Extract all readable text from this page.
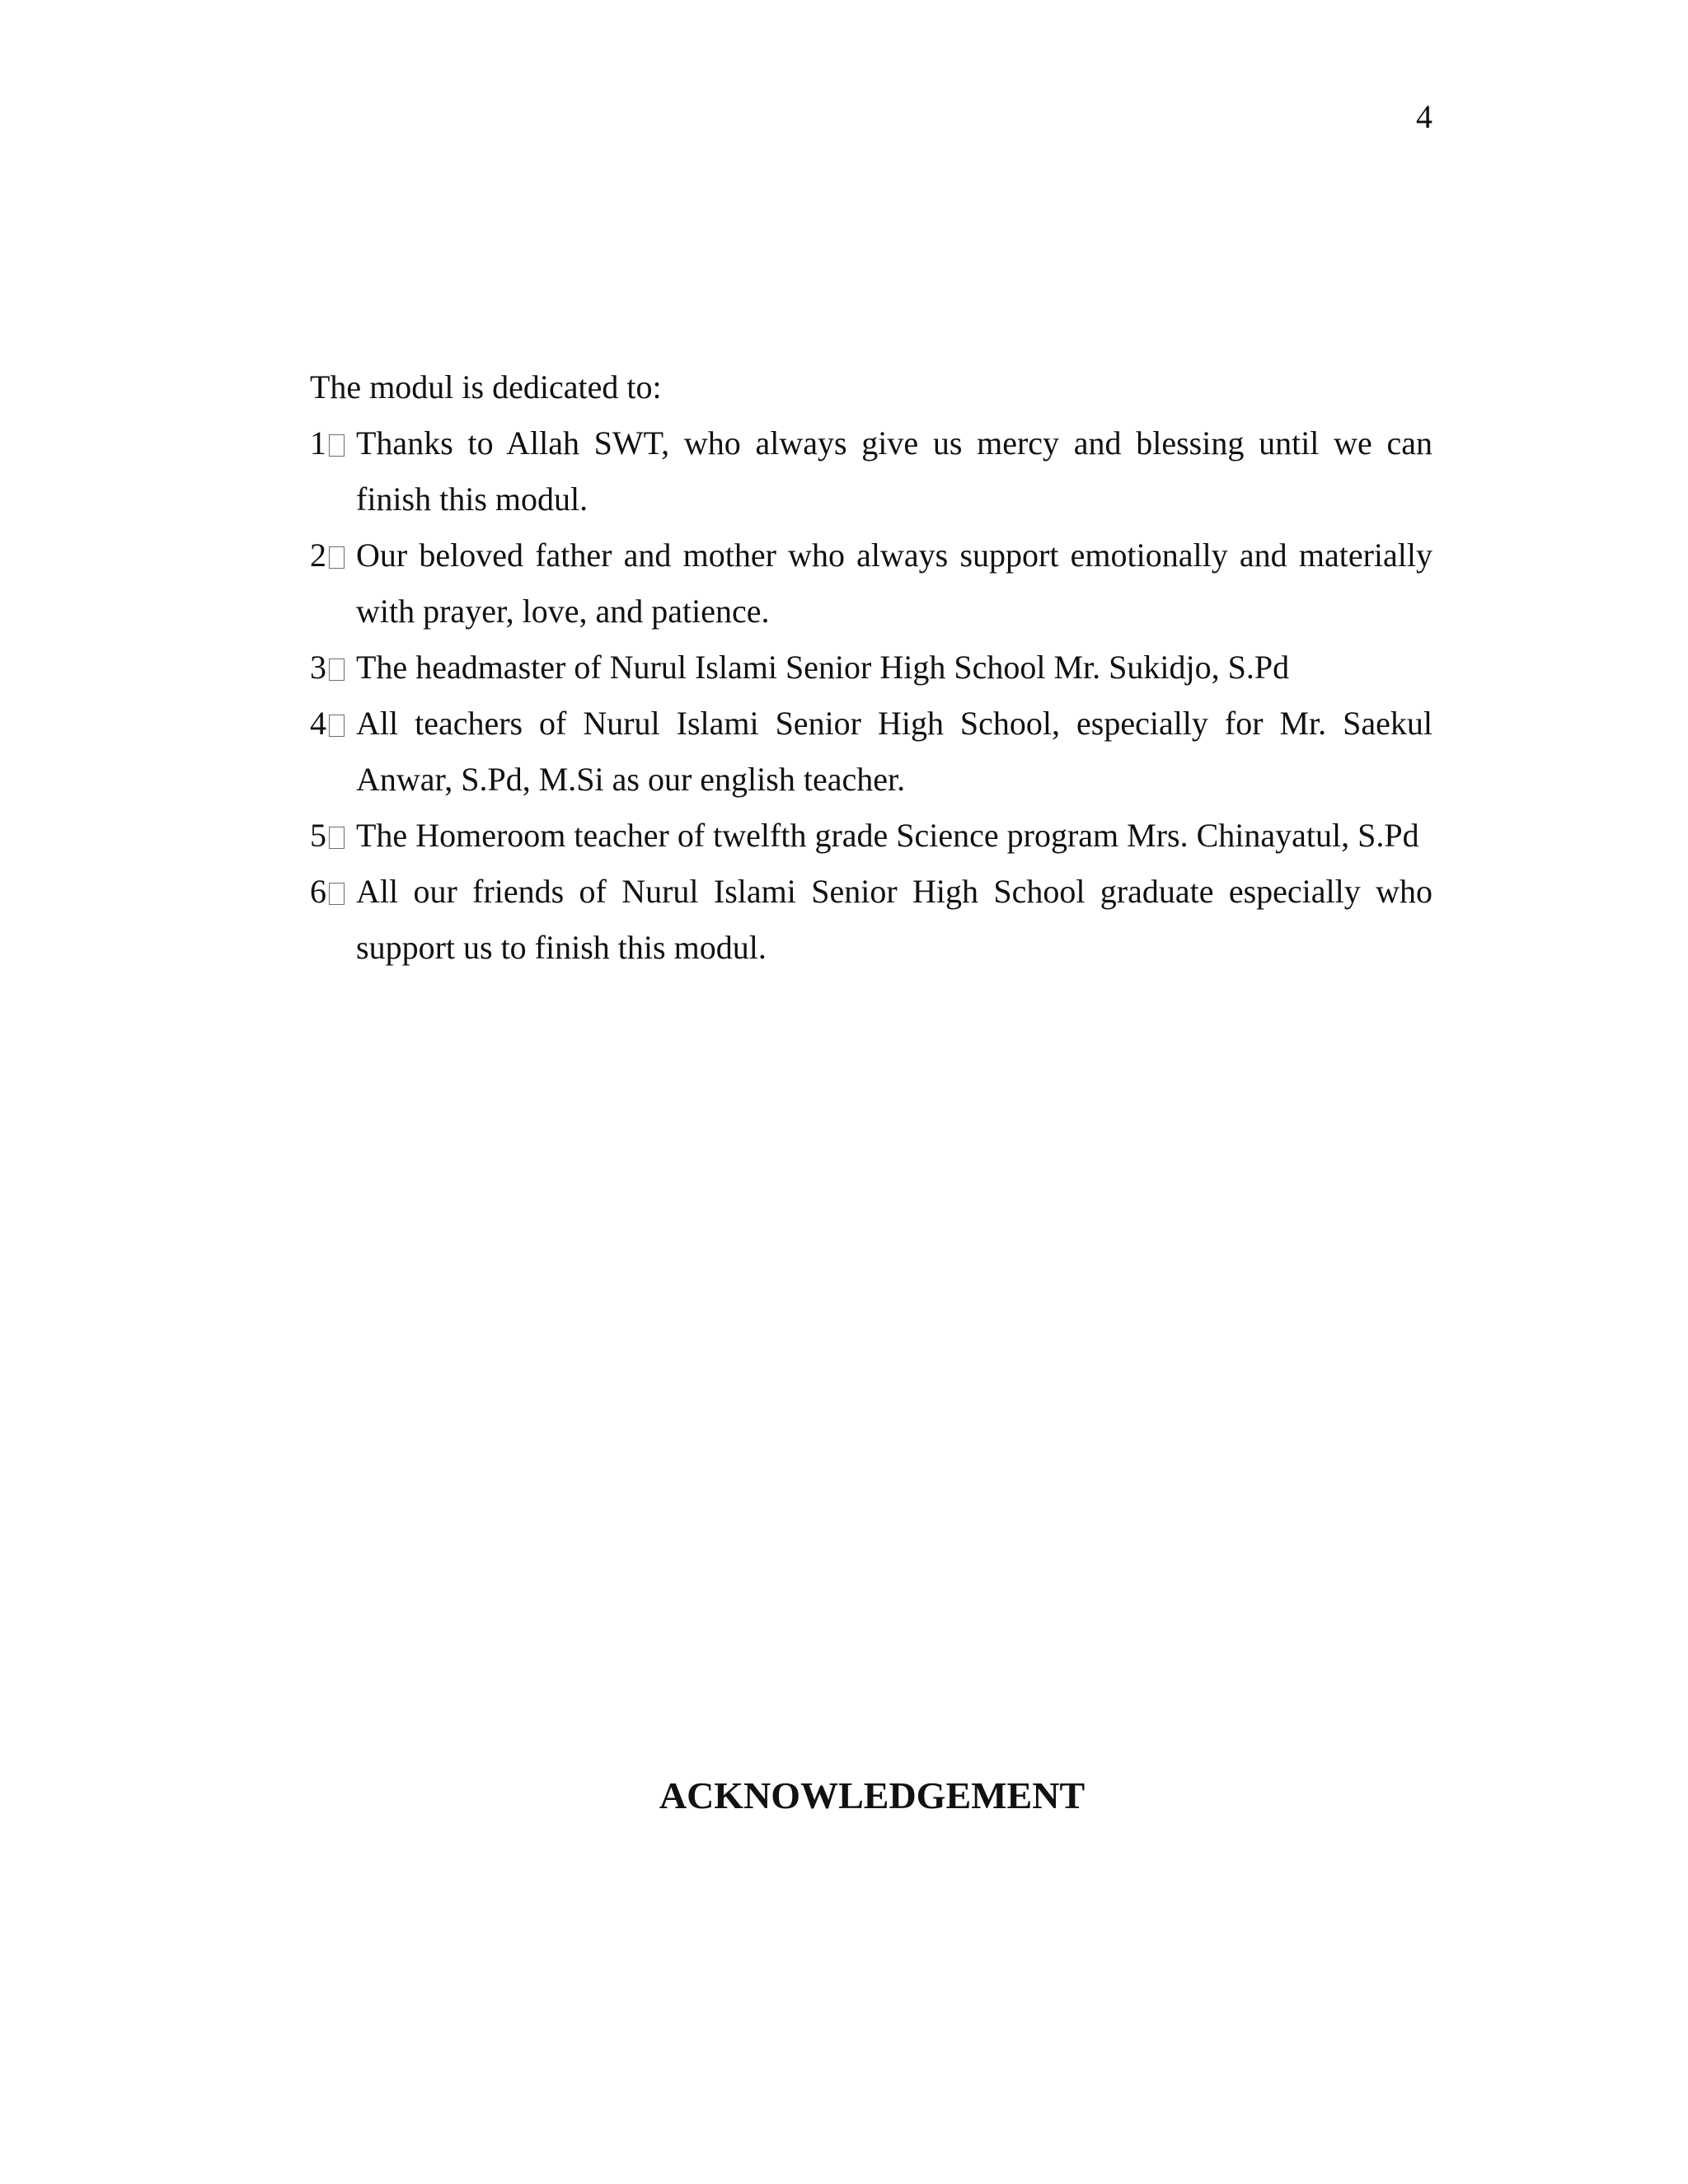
4
The modul is dedicated to:
1 Thanks to Allah SWT, who always give us mercy and blessing until we can finish this modul.
2 Our beloved father and mother who always support emotionally and materially with prayer, love, and patience.
3 The headmaster of Nurul Islami Senior High School Mr. Sukidjo, S.Pd
4 All teachers of Nurul Islami Senior High School, especially for Mr. Saekul Anwar, S.Pd, M.Si as our english teacher.
5 The Homeroom teacher of twelfth grade Science program Mrs. Chinayatul, S.Pd
6 All our friends of Nurul Islami Senior High School graduate especially who support us to finish this modul.
ACKNOWLEDGEMENT
